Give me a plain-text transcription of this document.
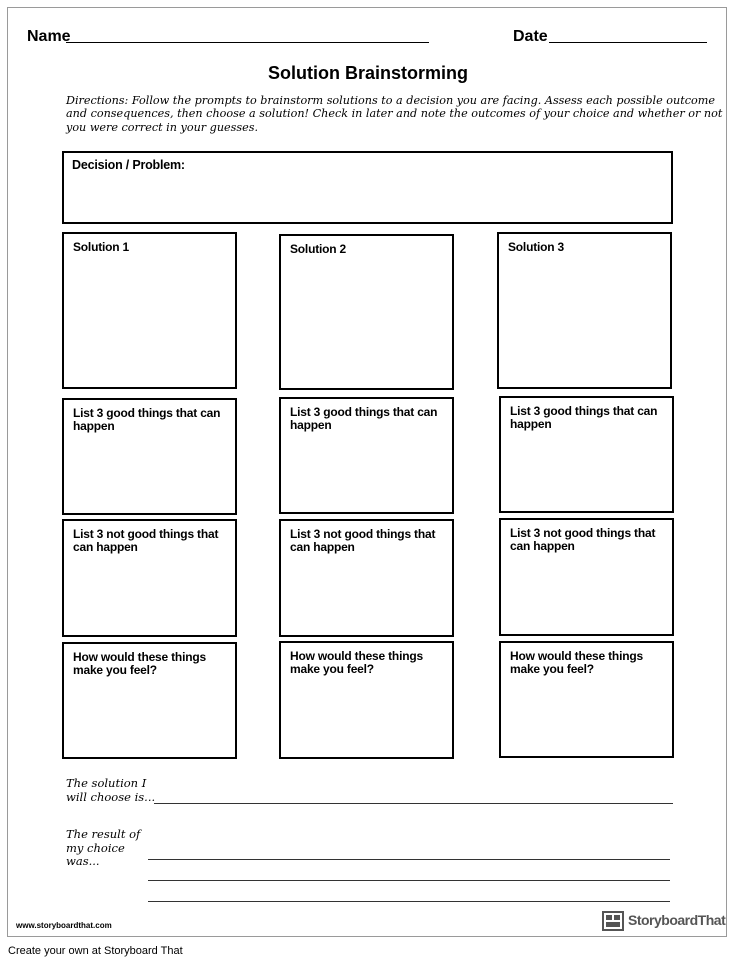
Name	Date
Solution Brainstorming
Directions: Follow the prompts to brainstorm solutions to a decision you are facing. Assess each possible outcome and consequences, then choose a solution! Check in later and note the outcomes of your choice and whether or not you were correct in your guesses.
Decision / Problem:
Solution 1
List 3 good things that can happen
List 3 not good things that can happen
How would these things make you feel?
Solution 2
List 3 good things that can happen
List 3 not good things that can happen
How would these things make you feel?
Solution 3
List 3 good things that can happen
List 3 not good things that can happen
How would these things make you feel?
The solution I will choose is...
The result of my choice was...
www.storyboardthat.com	StoryboardThat
Create your own at Storyboard That
